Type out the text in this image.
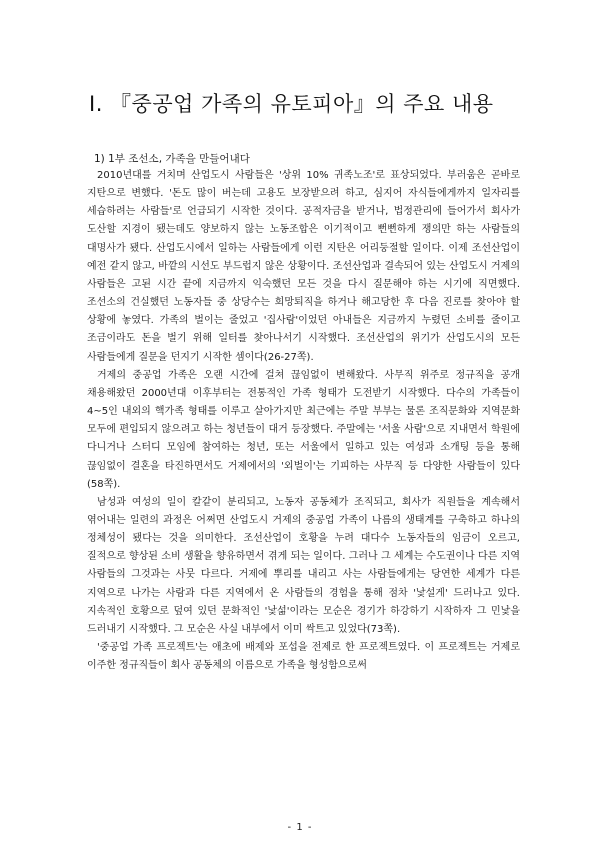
I. 『중공업 가족의 유토피아』의 주요 내용
1) 1부 조선소, 가족을 만들어내다

2010년대를 거치며 산업도시 사람들은 '상위 10% 귀족노조'로 표상되었다. 부러움은 곧바로 지탄으로 변했다. '돈도 많이 버는데 고용도 보장받으려 하고, 심지어 자식들에게까지 일자리를 세습하려는 사람들'로 언급되기 시작한 것이다. 공적자금을 받거나, 법정관리에 들어가서 회사가 도산할 지경이 됐는데도 양보하지 않는 노동조합은 이기적이고 뻔뻔하게 쟁의만 하는 사람들의 대명사가 됐다. 산업도시에서 일하는 사람들에게 이런 지탄은 어리둥절할 일이다. 이제 조선산업이 예전 같지 않고, 바깥의 시선도 부드럽지 않은 상황이다. 조선산업과 결속되어 있는 산업도시 거제의 사람들은 고된 시간 끝에 지금까지 익숙했던 모든 것을 다시 질문해야 하는 시기에 직면했다. 조선소의 건실했던 노동자들 중 상당수는 희망퇴직을 하거나 해고당한 후 다음 진로를 찾아야 할 상황에 놓였다. 가족의 벌이는 줄었고 '집사람'이었던 아내들은 지금까지 누렸던 소비를 줄이고 조금이라도 돈을 벌기 위해 일터를 찾아나서기 시작했다. 조선산업의 위기가 산업도시의 모든 사람들에게 질문을 던지기 시작한 셈이다(26-27쪽).

거제의 중공업 가족은 오랜 시간에 걸쳐 끊임없이 변해왔다. 사무직 위주로 정규직을 공개 채용해왔던 2000년대 이후부터는 전통적인 가족 형태가 도전받기 시작했다. 다수의 가족들이 4~5인 내외의 핵가족 형태를 이루고 살아가지만 최근에는 주말 부부는 물론 조직문화와 지역문화 모두에 편입되지 않으려고 하는 청년들이 대거 등장했다. 주말에는 '서울 사람'으로 지내면서 학원에 다니거나 스터디 모임에 참여하는 청년, 또는 서울에서 일하고 있는 여성과 소개팅 등을 통해 끊임없이 결혼을 타진하면서도 거제에서의 '외벌이'는 기피하는 사무직 등 다양한 사람들이 있다(58쪽).

남성과 여성의 일이 칼같이 분리되고, 노동자 공동체가 조직되고, 회사가 직원들을 계속해서 엮어내는 일련의 과정은 어쩌면 산업도시 거제의 중공업 가족이 나름의 생태계를 구축하고 하나의 정체성이 됐다는 것을 의미한다. 조선산업이 호황을 누려 대다수 노동자들의 임금이 오르고, 질적으로 향상된 소비 생활을 향유하면서 겪게 되는 일이다. 그러나 그 세계는 수도권이나 다른 지역 사람들의 그것과는 사뭇 다르다. 거제에 뿌리를 내리고 사는 사람들에게는 당연한 세계가 다른 지역으로 나가는 사람과 다른 지역에서 온 사람들의 경험을 통해 점차 '낯설게' 드러나고 있다. 지속적인 호황으로 덮여 있던 문화적인 '낯섦'이라는 모순은 경기가 하강하기 시작하자 그 민낯을 드러내기 시작했다. 그 모순은 사실 내부에서 이미 싹트고 있었다(73쪽).

'중공업 가족 프로젝트'는 애초에 배제와 포섭을 전제로 한 프로젝트였다. 이 프로젝트는 거제로 이주한 정규직들이 회사 공동체의 이름으로 가족을 형성함으로써

- 1 -
